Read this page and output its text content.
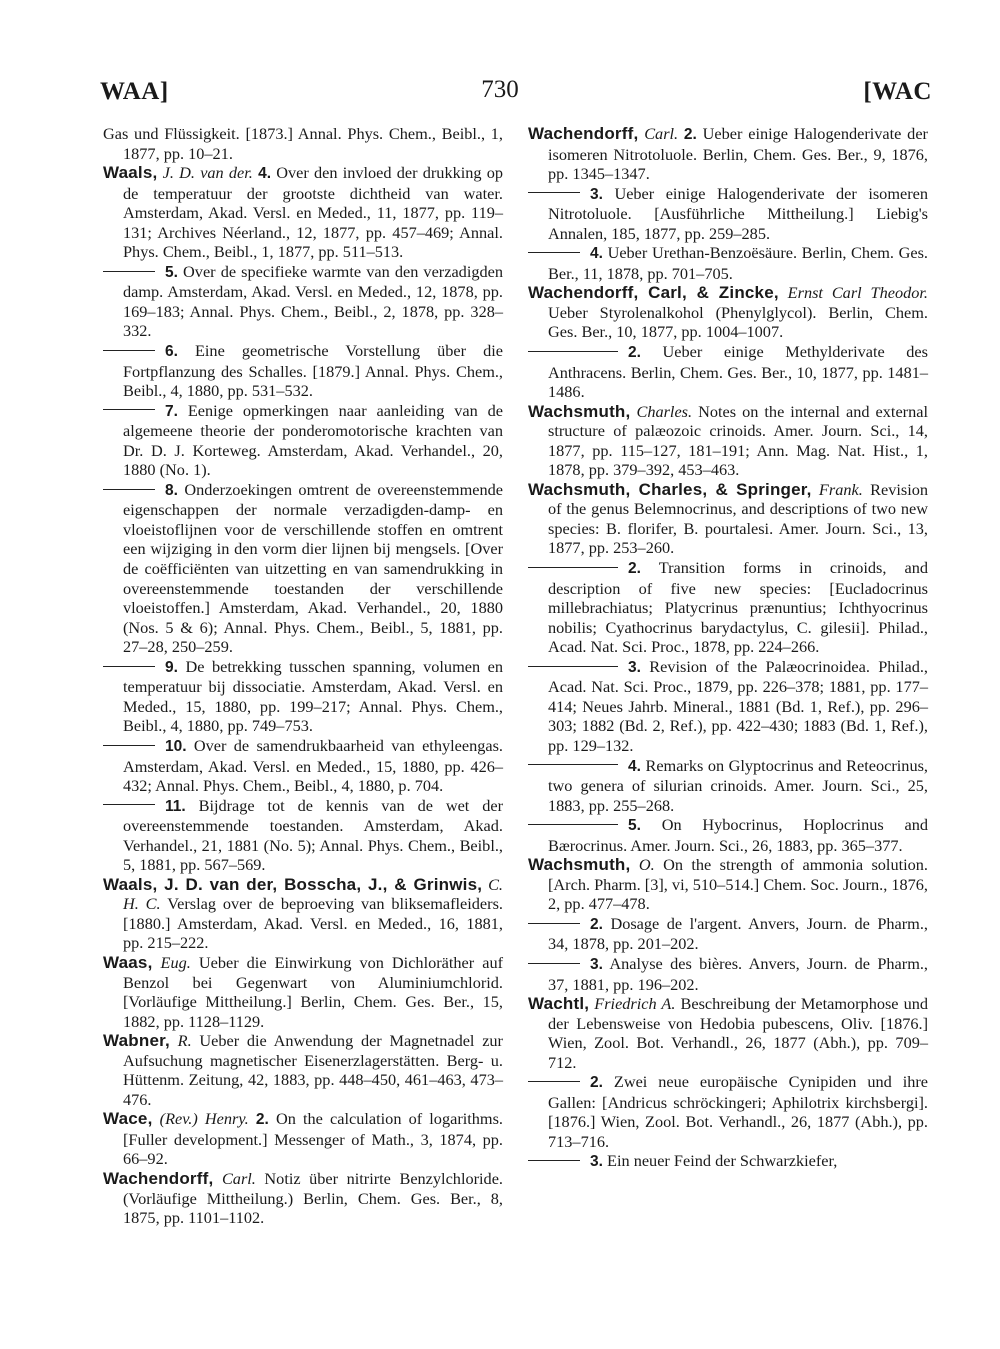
WAA]	730	[WAC

Gas und Flüssigkeit. [1873.] Annal. Phys. Chem., Beibl., 1, 1877, pp. 10–21.

Waals, J. D. van der. 4. Over den invloed der drukking op de temperatuur der grootste dichtheid van water. Amsterdam, Akad. Versl. en Meded., 11, 1877, pp. 119–131; Archives Néerland., 12, 1877, pp. 457–469; Annal. Phys. Chem., Beibl., 1, 1877, pp. 511–513.

5. Over de specifieke warmte van den verzadigden damp. Amsterdam, Akad. Versl. en Meded., 12, 1878, pp. 169–183; Annal. Phys. Chem., Beibl., 2, 1878, pp. 328–332.

6. Eine geometrische Vorstellung über die Fortpflanzung des Schalles. [1879.] Annal. Phys. Chem., Beibl., 4, 1880, pp. 531–532.

7. Eenige opmerkingen naar aanleiding van de algemeene theorie der ponderomotorische krachten van Dr. D. J. Korteweg. Amsterdam, Akad. Verhandel., 20, 1880 (No. 1).

8. Onderzoekingen omtrent de overeenstemmende eigenschappen der normale verzadigden-damp- en vloeistoflijnen voor de verschillende stoffen en omtrent een wijziging in den vorm dier lijnen bij mengsels. [Over de coëfficiënten van uitzetting en van samendrukking in overeenstemmende toestanden der verschillende vloeistoffen.] Amsterdam, Akad. Verhandel., 20, 1880 (Nos. 5 & 6); Annal. Phys. Chem., Beibl., 5, 1881, pp. 27–28, 250–259.

9. De betrekking tusschen spanning, volumen en temperatuur bij dissociatie. Amsterdam, Akad. Versl. en Meded., 15, 1880, pp. 199–217; Annal. Phys. Chem., Beibl., 4, 1880, pp. 749–753.

10. Over de samendrukbaarheid van ethyleengas. Amsterdam, Akad. Versl. en Meded., 15, 1880, pp. 426–432; Annal. Phys. Chem., Beibl., 4, 1880, p. 704.

11. Bijdrage tot de kennis van de wet der overeenstemmende toestanden. Amsterdam, Akad. Verhandel., 21, 1881 (No. 5); Annal. Phys. Chem., Beibl., 5, 1881, pp. 567–569.

Waals, J. D. van der, Bosscha, J., & Grinwis, C. H. C. Verslag over de beproeving van bliksemafleiders. [1880.] Amsterdam, Akad. Versl. en Meded., 16, 1881, pp. 215–222.

Waas, Eug. Ueber die Einwirkung von Dichloräther auf Benzol bei Gegenwart von Aluminiumchlorid. [Vorläufige Mittheilung.] Berlin, Chem. Ges. Ber., 15, 1882, pp. 1128–1129.

Wabner, R. Ueber die Anwendung der Magnetnadel zur Aufsuchung magnetischer Eisenerzlagerstätten. Berg- u. Hüttenm. Zeitung, 42, 1883, pp. 448–450, 461–463, 473–476.

Wace, (Rev.) Henry. 2. On the calculation of logarithms. [Fuller development.] Messenger of Math., 3, 1874, pp. 66–92.

Wachendorff, Carl. Notiz über nitrirte Benzylchloride. (Vorläufige Mittheilung.) Berlin, Chem. Ges. Ber., 8, 1875, pp. 1101–1102.

Wachendorff, Carl. 2. Ueber einige Halogenderivate der isomeren Nitrotoluole. Berlin, Chem. Ges. Ber., 9, 1876, pp. 1345–1347.

3. Ueber einige Halogenderivate der isomeren Nitrotoluole. [Ausführliche Mittheilung.] Liebig's Annalen, 185, 1877, pp. 259–285.

4. Ueber Urethan-Benzoësäure. Berlin, Chem. Ges. Ber., 11, 1878, pp. 701–705.

Wachendorff, Carl, & Zincke, Ernst Carl Theodor. Ueber Styrolenalkohol (Phenylglycol). Berlin, Chem. Ges. Ber., 10, 1877, pp. 1004–1007.

2. Ueber einige Methylderivate des Anthracens. Berlin, Chem. Ges. Ber., 10, 1877, pp. 1481–1486.

Wachsmuth, Charles. Notes on the internal and external structure of palæozoic crinoids. Amer. Journ. Sci., 14, 1877, pp. 115–127, 181–191; Ann. Mag. Nat. Hist., 1, 1878, pp. 379–392, 453–463.

Wachsmuth, Charles, & Springer, Frank. Revision of the genus Belemnocrinus, and descriptions of two new species: B. florifer, B. pourtalesi. Amer. Journ. Sci., 13, 1877, pp. 253–260.

2. Transition forms in crinoids, and description of five new species: [Eucladocrinus millebrachiatus; Platycrinus prænuntius; Ichthyocrinus nobilis; Cyathocrinus barydactylus, C. gilesii]. Philad., Acad. Nat. Sci. Proc., 1878, pp. 224–266.

3. Revision of the Palæocrinoidea. Philad., Acad. Nat. Sci. Proc., 1879, pp. 226–378; 1881, pp. 177–414; Neues Jahrb. Mineral., 1881 (Bd. 1, Ref.), pp. 296–303; 1882 (Bd. 2, Ref.), pp. 422–430; 1883 (Bd. 1, Ref.), pp. 129–132.

4. Remarks on Glyptocrinus and Reteocrinus, two genera of silurian crinoids. Amer. Journ. Sci., 25, 1883, pp. 255–268.

5. On Hybocrinus, Hoplocrinus and Bærocrinus. Amer. Journ. Sci., 26, 1883, pp. 365–377.

Wachsmuth, O. On the strength of ammonia solution. [Arch. Pharm. [3], vi, 510–514.] Chem. Soc. Journ., 1876, 2, pp. 477–478.

2. Dosage de l'argent. Anvers, Journ. de Pharm., 34, 1878, pp. 201–202.

3. Analyse des bières. Anvers, Journ. de Pharm., 37, 1881, pp. 196–202.

Wachtl, Friedrich A. Beschreibung der Metamorphose und der Lebensweise von Hedobia pubescens, Oliv. [1876.] Wien, Zool. Bot. Verhandl., 26, 1877 (Abh.), pp. 709–712.

2. Zwei neue europäische Cynipiden und ihre Gallen: [Andricus schröckingeri; Aphilotrix kirchsbergi]. [1876.] Wien, Zool. Bot. Verhandl., 26, 1877 (Abh.), pp. 713–716.

3. Ein neuer Feind der Schwarzkiefer,
